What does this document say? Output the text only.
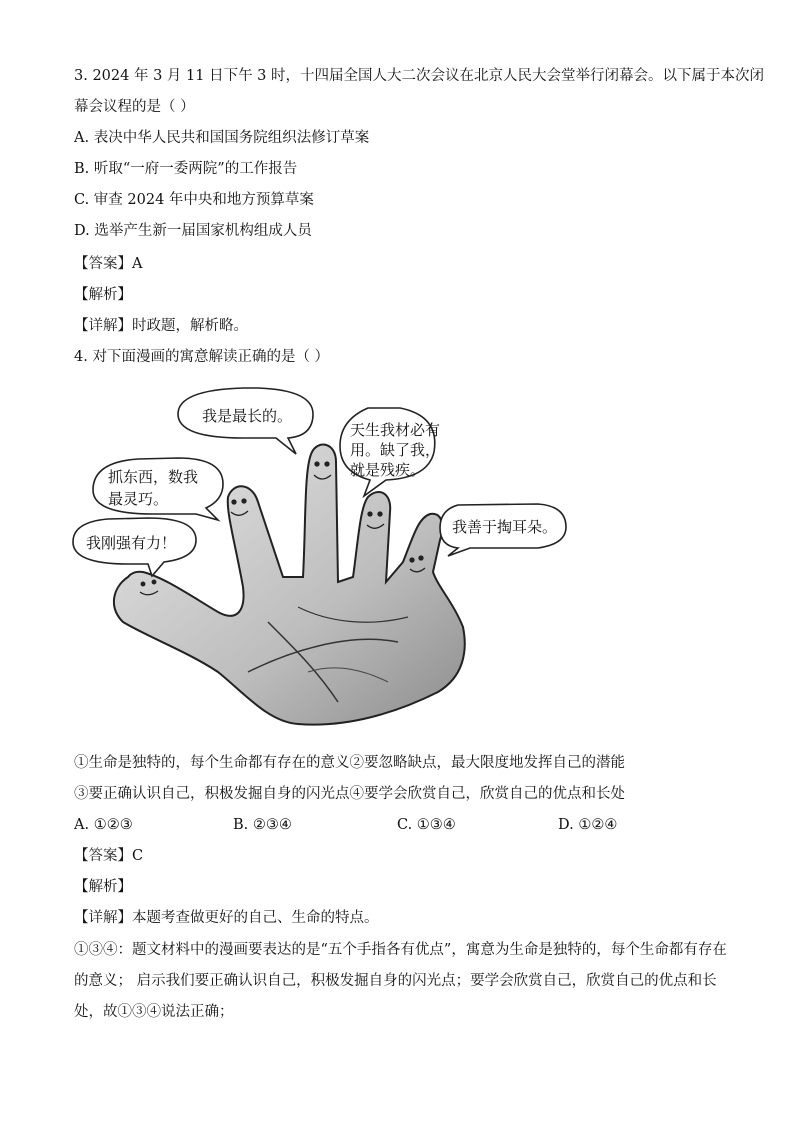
3. 2024 年 3 月 11 日下午 3 时，十四届全国人大二次会议在北京人民大会堂举行闭幕会。以下属于本次闭
幕会议程的是（ ）
A. 表决中华人民共和国国务院组织法修订草案
B. 听取“一府一委两院”的工作报告
C. 审查 2024 年中央和地方预算草案
D. 选举产生新一届国家机构组成人员
【答案】A
【解析】
【详解】时政题，解析略。
4. 对下面漫画的寓意解读正确的是（ ）
我是最长的。
抓东西，数我
最灵巧。
我刚强有力！
天生我材必有
用。缺了我，
就是残疾。
我善于掏耳朵。
①生命是独特的，每个生命都有存在的意义②要忽略缺点，最大限度地发挥自己的潜能
③要正确认识自己，积极发掘自身的闪光点④要学会欣赏自己，欣赏自己的优点和长处
A. ①②③	B. ②③④	C. ①③④	D. ①②④
【答案】C
【解析】
【详解】本题考查做更好的自己、生命的特点。
①③④：题文材料中的漫画要表达的是“五个手指各有优点”，寓意为生命是独特的，每个生命都有存在
的意义； 启示我们要正确认识自己，积极发掘自身的闪光点；要学会欣赏自己，欣赏自己的优点和长
处，故①③④说法正确；
